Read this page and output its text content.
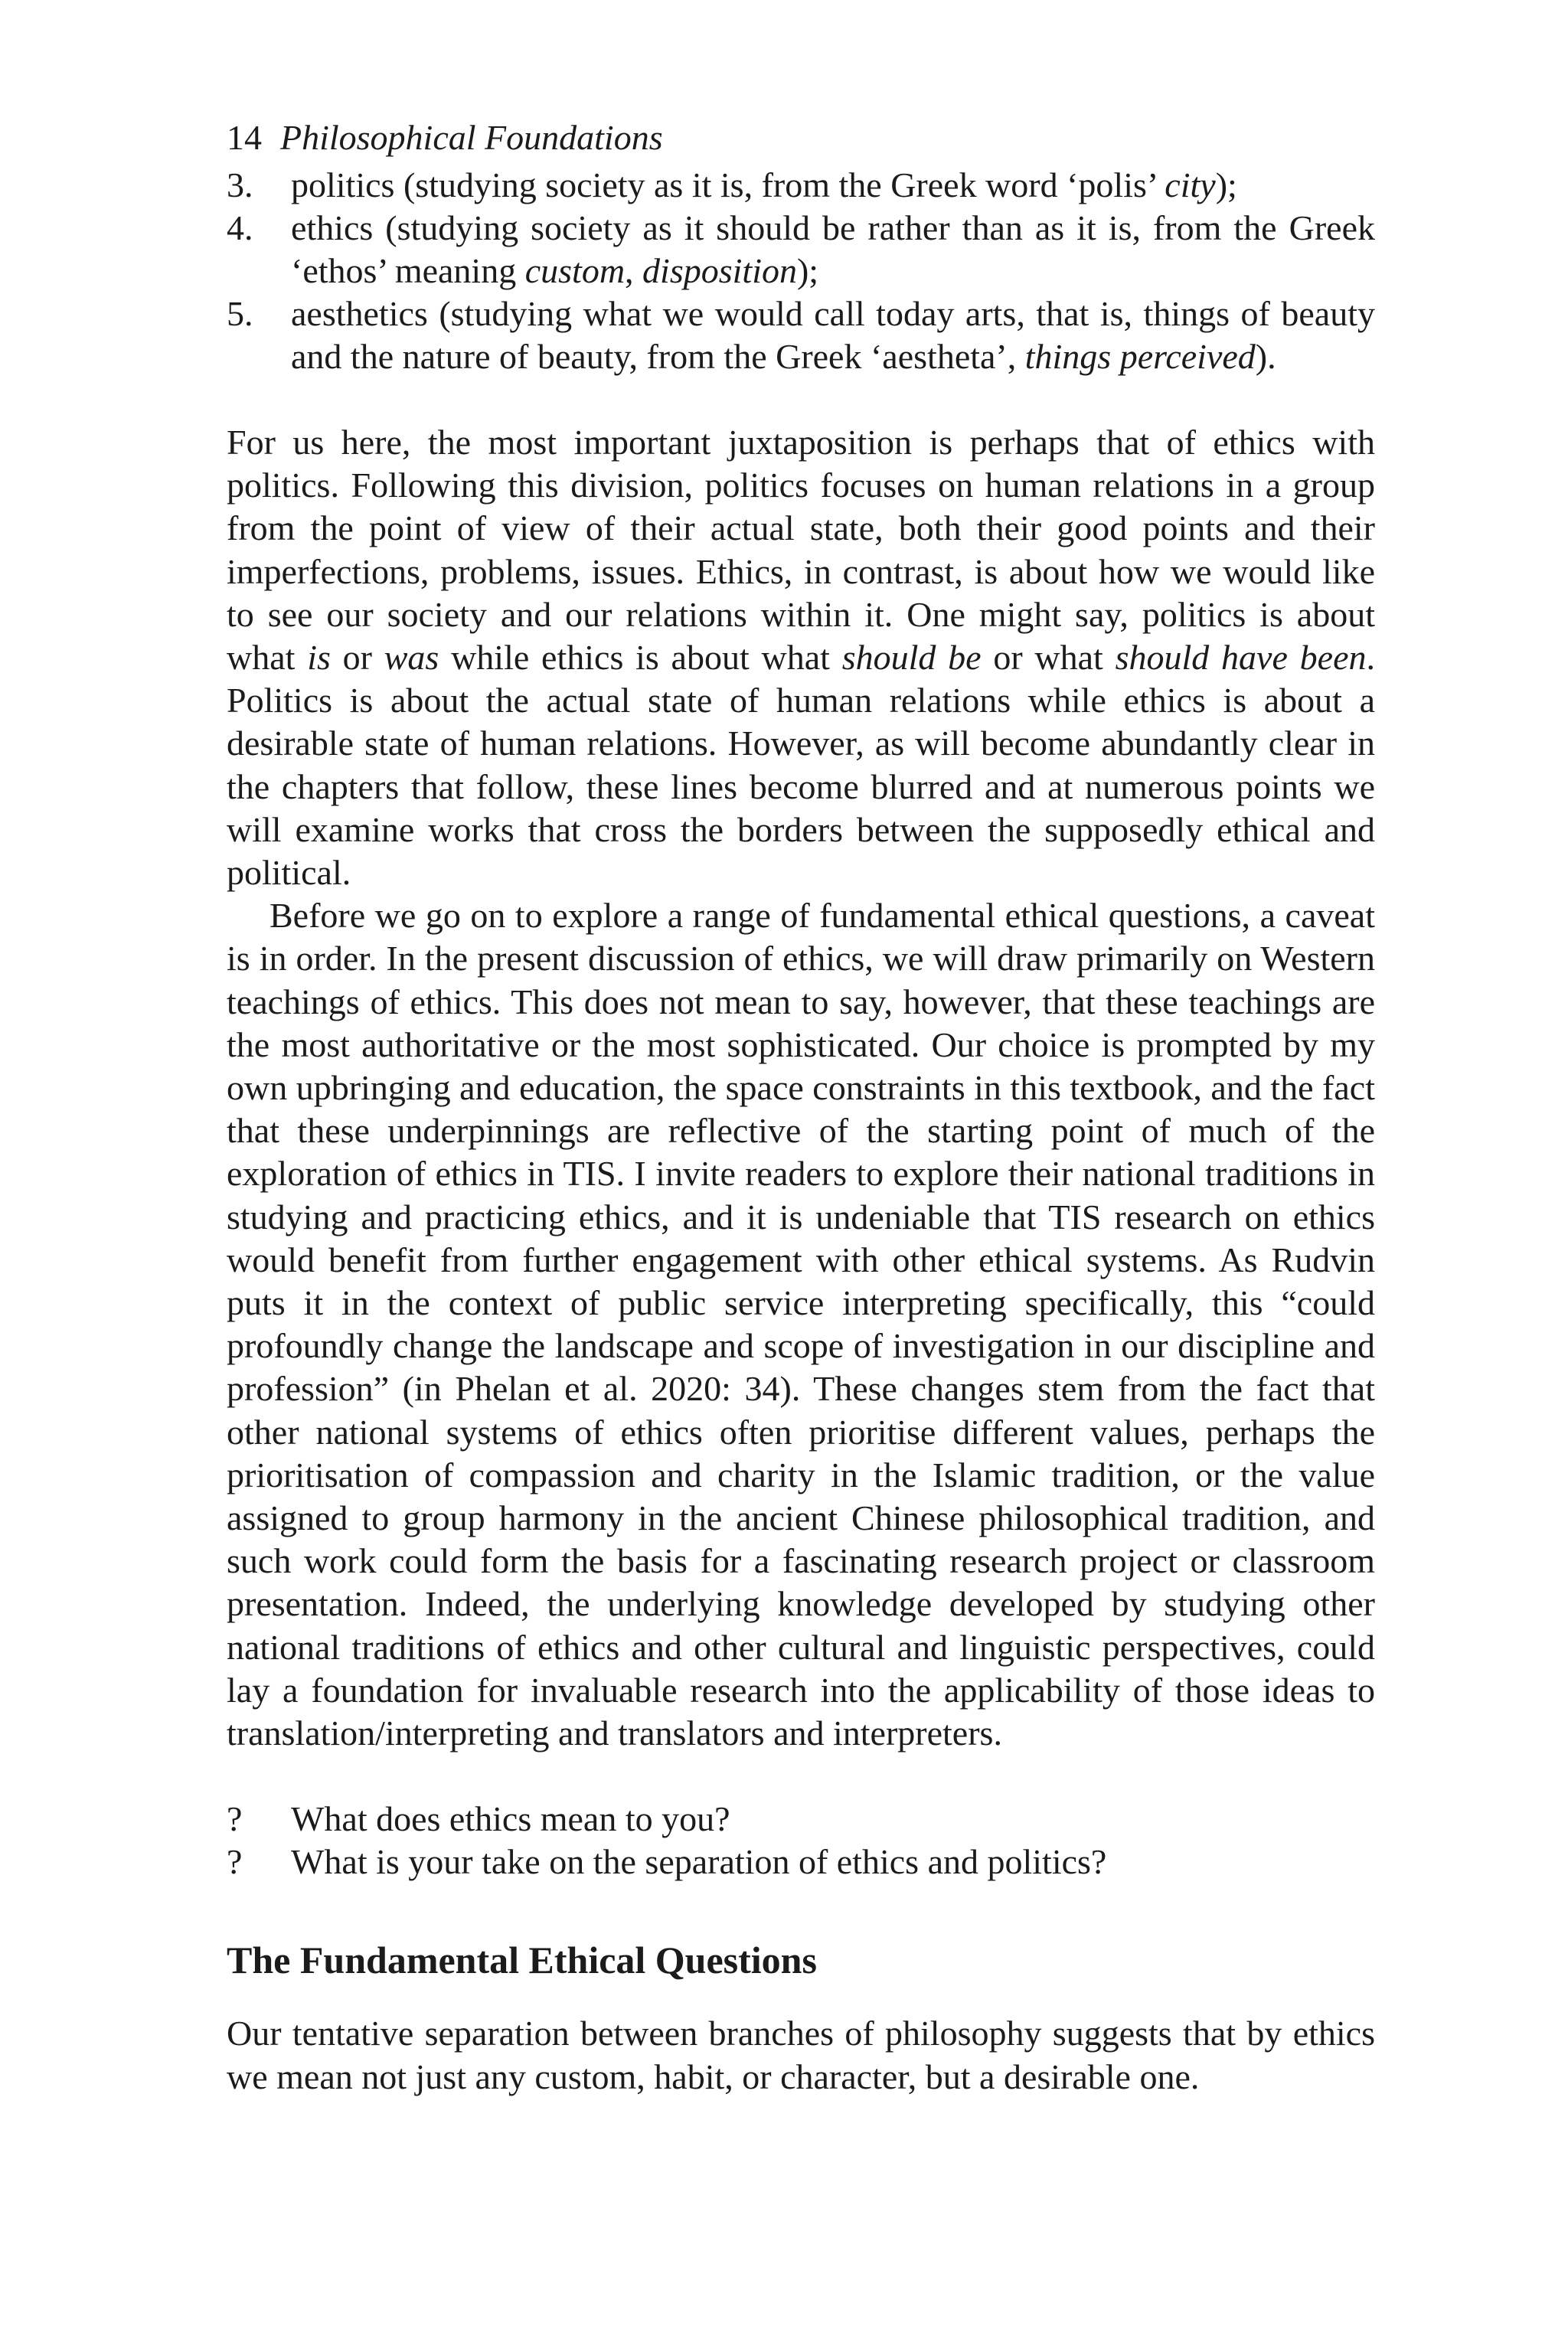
14 Philosophical Foundations
3. politics (studying society as it is, from the Greek word ‘polis’ city);
4. ethics (studying society as it should be rather than as it is, from the Greek ‘ethos’ meaning custom, disposition);
5. aesthetics (studying what we would call today arts, that is, things of beauty and the nature of beauty, from the Greek ‘aestheta’, things perceived).

For us here, the most important juxtaposition is perhaps that of ethics with politics. Following this division, politics focuses on human relations in a group from the point of view of their actual state, both their good points and their imperfections, problems, issues. Ethics, in contrast, is about how we would like to see our society and our relations within it. One might say, politics is about what is or was while ethics is about what should be or what should have been. Politics is about the actual state of human relations while ethics is about a desirable state of human relations. However, as will become abundantly clear in the chapters that follow, these lines become blurred and at numerous points we will examine works that cross the borders between the supposedly ethical and political.

Before we go on to explore a range of fundamental ethical questions, a caveat is in order. In the present discussion of ethics, we will draw primarily on Western teachings of ethics. This does not mean to say, however, that these teachings are the most authoritative or the most sophisticated. Our choice is prompted by my own upbringing and education, the space constraints in this textbook, and the fact that these underpinnings are reflective of the starting point of much of the exploration of ethics in TIS. I invite readers to explore their national traditions in studying and practicing ethics, and it is undeniable that TIS research on ethics would benefit from further engagement with other ethical systems. As Rudvin puts it in the context of public service interpreting specifically, this “could profoundly change the landscape and scope of investigation in our discipline and profession” (in Phelan et al. 2020: 34). These changes stem from the fact that other national systems of ethics often prioritise different values, perhaps the prioritisation of compassion and charity in the Islamic tradition, or the value assigned to group harmony in the ancient Chinese philosophical tradition, and such work could form the basis for a fascinating research project or classroom presentation. Indeed, the underlying knowledge developed by studying other national traditions of ethics and other cultural and linguistic perspectives, could lay a foundation for invaluable research into the applicability of those ideas to translation/interpreting and translators and interpreters.

? What does ethics mean to you?
? What is your take on the separation of ethics and politics?
The Fundamental Ethical Questions

Our tentative separation between branches of philosophy suggests that by ethics we mean not just any custom, habit, or character, but a desirable one.
